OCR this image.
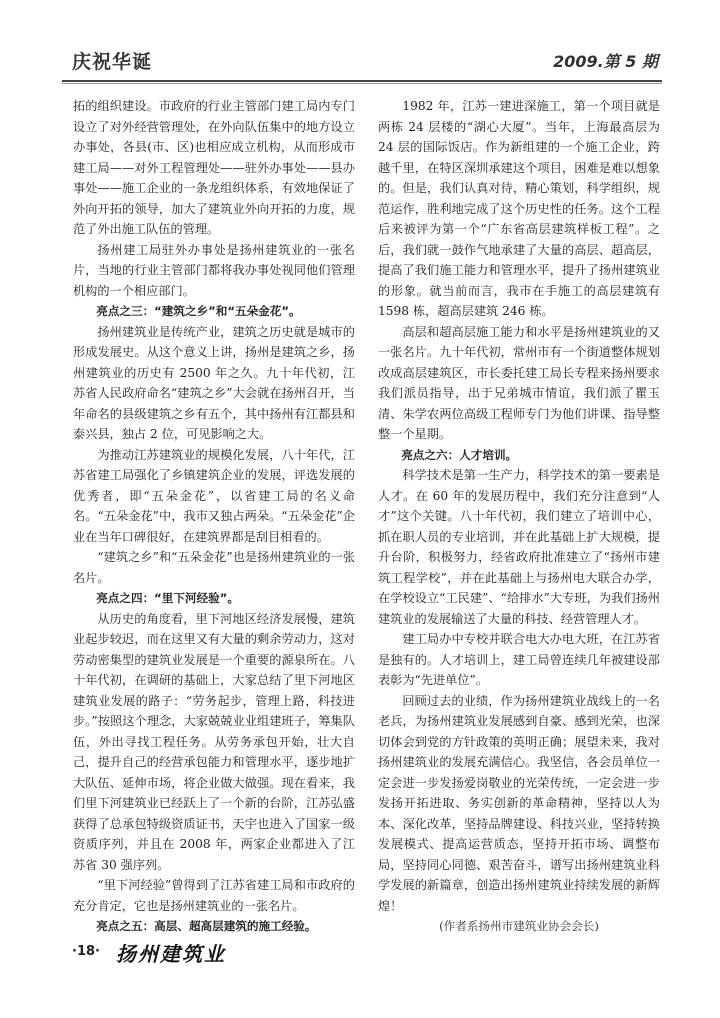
庆祝华诞	2009.第 5 期

拓的组织建设。市政府的行业主管部门建工局内专门设立了对外经营管理处，在外向队伍集中的地方设立办事处，各县(市、区)也相应成立机构，从而形成市建工局——对外工程管理处——驻外办事处——县办事处——施工企业的一条龙组织体系，有效地保证了外向开拓的领导，加大了建筑业外向开拓的力度，规范了外出施工队伍的管理。

扬州建工局驻外办事处是扬州建筑业的一张名片，当地的行业主管部门都将我办事处视同他们管理机构的一个相应部门。

亮点之三：“建筑之乡”和“五朵金花”。

扬州建筑业是传统产业，建筑之历史就是城市的形成发展史。从这个意义上讲，扬州是建筑之乡，扬州建筑业的历史有 2500 年之久。九十年代初，江苏省人民政府命名“建筑之乡”大会就在扬州召开，当年命名的县级建筑之乡有五个，其中扬州有江都县和泰兴县，独占 2 位，可见影响之大。

为推动江苏建筑业的规模化发展，八十年代，江苏省建工局强化了乡镇建筑企业的发展，评选发展的优秀者，即“五朵金花”，以省建工局的名义命名。“五朵金花”中，我市又独占两朵。“五朵金花”企业在当年口碑很好，在建筑界都是刮目相看的。

“建筑之乡”和“五朵金花”也是扬州建筑业的一张名片。

亮点之四：“里下河经验”。

从历史的角度看，里下河地区经济发展慢，建筑业起步较迟，而在这里又有大量的剩余劳动力，这对劳动密集型的建筑业发展是一个重要的源泉所在。八十年代初，在调研的基础上，大家总结了里下河地区建筑业发展的路子：“劳务起步，管理上路，科技进步。”按照这个理念，大家兢兢业业组建班子，筹集队伍，外出寻找工程任务。从劳务承包开始，壮大自己，提升自己的经营承包能力和管理水平，逐步地扩大队伍、延伸市场，将企业做大做强。现在看来，我们里下河建筑业已经跃上了一个新的台阶，江苏弘盛获得了总承包特级资质证书，天宇也进入了国家一级资质序列，并且在 2008 年，两家企业都进入了江苏省 30 强序列。

“里下河经验”曾得到了江苏省建工局和市政府的充分肯定，它也是扬州建筑业的一张名片。

亮点之五：高层、超高层建筑的施工经验。

1982 年，江苏一建进深施工，第一个项目就是两栋 24 层楼的“湖心大厦”。当年，上海最高层为 24 层的国际饭店。作为新组建的一个施工企业，跨越千里，在特区深圳承建这个项目，困难是难以想象的。但是，我们认真对待，精心策划，科学组织，规范运作，胜利地完成了这个历史性的任务。这个工程后来被评为第一个“广东省高层建筑样板工程”。之后，我们就一鼓作气地承建了大量的高层、超高层，提高了我们施工能力和管理水平，提升了扬州建筑业的形象。就当前而言，我市在手施工的高层建筑有 1598 栋，超高层建筑 246 栋。

高层和超高层施工能力和水平是扬州建筑业的又一张名片。九十年代初，常州市有一个街道整体规划改成高层建筑区，市长委托建工局长专程来扬州要求我们派员指导，出于兄弟城市情谊，我们派了瞿玉清、朱学农两位高级工程师专门为他们讲课、指导整整一个星期。

亮点之六：人才培训。

科学技术是第一生产力，科学技术的第一要素是人才。在 60 年的发展历程中，我们充分注意到“人才”这个关键。八十年代初，我们建立了培训中心，抓在职人员的专业培训，并在此基础上扩大规模，提升台阶，积极努力，经省政府批准建立了“扬州市建筑工程学校”，并在此基础上与扬州电大联合办学，在学校设立“工民建”、“给排水”大专班，为我们扬州建筑业的发展输送了大量的科技、经营管理人才。

建工局办中专校并联合电大办电大班，在江苏省是独有的。人才培训上，建工局曾连续几年被建设部表彰为“先进单位”。

回顾过去的业绩，作为扬州建筑业战线上的一名老兵，为扬州建筑业发展感到自豪、感到光荣，也深切体会到党的方针政策的英明正确；展望未来，我对扬州建筑业的发展充满信心。我坚信，各会员单位一定会进一步发扬爱岗敬业的光荣传统，一定会进一步发扬开拓进取、务实创新的革命精神，坚持以人为本、深化改革，坚持品牌建设、科技兴业，坚持转换发展模式、提高运营质态，坚持开拓市场、调整布局，坚持同心同德、艰苦奋斗，谱写出扬州建筑业科学发展的新篇章，创造出扬州建筑业持续发展的新辉煌！

(作者系扬州市建筑业协会会长)

·18· 扬州建筑业
